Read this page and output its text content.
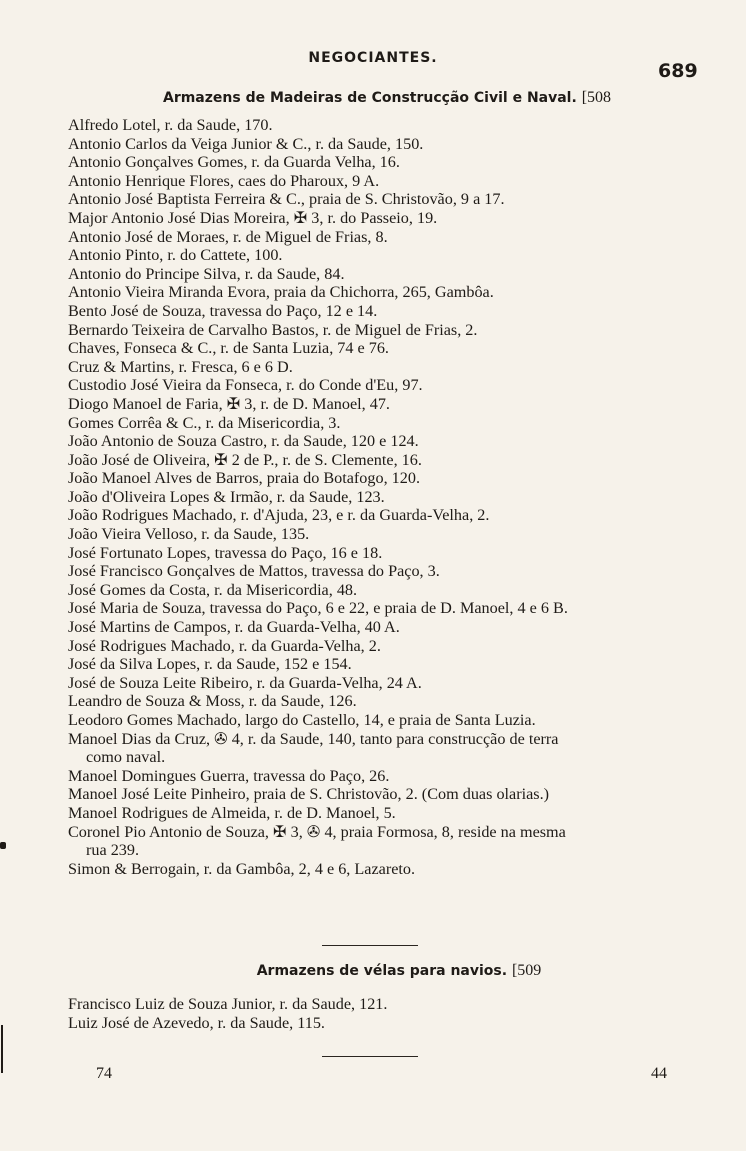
NEGOCIANTES.
689
Armazens de Madeiras de Construcção Civil e Naval. [508
Alfredo Lotel, r. da Saude, 170.
Antonio Carlos da Veiga Junior & C., r. da Saude, 150.
Antonio Gonçalves Gomes, r. da Guarda Velha, 16.
Antonio Henrique Flores, caes do Pharoux, 9 A.
Antonio José Baptista Ferreira & C., praia de S. Christovão, 9 a 17.
Major Antonio José Dias Moreira, ✠ 3, r. do Passeio, 19.
Antonio José de Moraes, r. de Miguel de Frias, 8.
Antonio Pinto, r. do Cattete, 100.
Antonio do Principe Silva, r. da Saude, 84.
Antonio Vieira Miranda Evora, praia da Chichorra, 265, Gambôa.
Bento José de Souza, travessa do Paço, 12 e 14.
Bernardo Teixeira de Carvalho Bastos, r. de Miguel de Frias, 2.
Chaves, Fonseca & C., r. de Santa Luzia, 74 e 76.
Cruz & Martins, r. Fresca, 6 e 6 D.
Custodio José Vieira da Fonseca, r. do Conde d'Eu, 97.
Diogo Manoel de Faria, ✠ 3, r. de D. Manoel, 47.
Gomes Corrêa & C., r. da Misericordia, 3.
João Antonio de Souza Castro, r. da Saude, 120 e 124.
João José de Oliveira, ✠ 2 de P., r. de S. Clemente, 16.
João Manoel Alves de Barros, praia do Botafogo, 120.
João d'Oliveira Lopes & Irmão, r. da Saude, 123.
João Rodrigues Machado, r. d'Ajuda, 23, e r. da Guarda-Velha, 2.
João Vieira Velloso, r. da Saude, 135.
José Fortunato Lopes, travessa do Paço, 16 e 18.
José Francisco Gonçalves de Mattos, travessa do Paço, 3.
José Gomes da Costa, r. da Misericordia, 48.
José Maria de Souza, travessa do Paço, 6 e 22, e praia de D. Manoel, 4 e 6 B.
José Martins de Campos, r. da Guarda-Velha, 40 A.
José Rodrigues Machado, r. da Guarda-Velha, 2.
José da Silva Lopes, r. da Saude, 152 e 154.
José de Souza Leite Ribeiro, r. da Guarda-Velha, 24 A.
Leandro de Souza & Moss, r. da Saude, 126.
Leodoro Gomes Machado, largo do Castello, 14, e praia de Santa Luzia.
Manoel Dias da Cruz, ✇ 4, r. da Saude, 140, tanto para construcção de terra
como naval.
Manoel Domingues Guerra, travessa do Paço, 26.
Manoel José Leite Pinheiro, praia de S. Christovão, 2. (Com duas olarias.)
Manoel Rodrigues de Almeida, r. de D. Manoel, 5.
Coronel Pio Antonio de Souza, ✠ 3, ✇ 4, praia Formosa, 8, reside na mesma
rua 239.
Simon & Berrogain, r. da Gambôa, 2, 4 e 6, Lazareto.
Armazens de vélas para navios. [509
Francisco Luiz de Souza Junior, r. da Saude, 121.
Luiz José de Azevedo, r. da Saude, 115.
74	44
